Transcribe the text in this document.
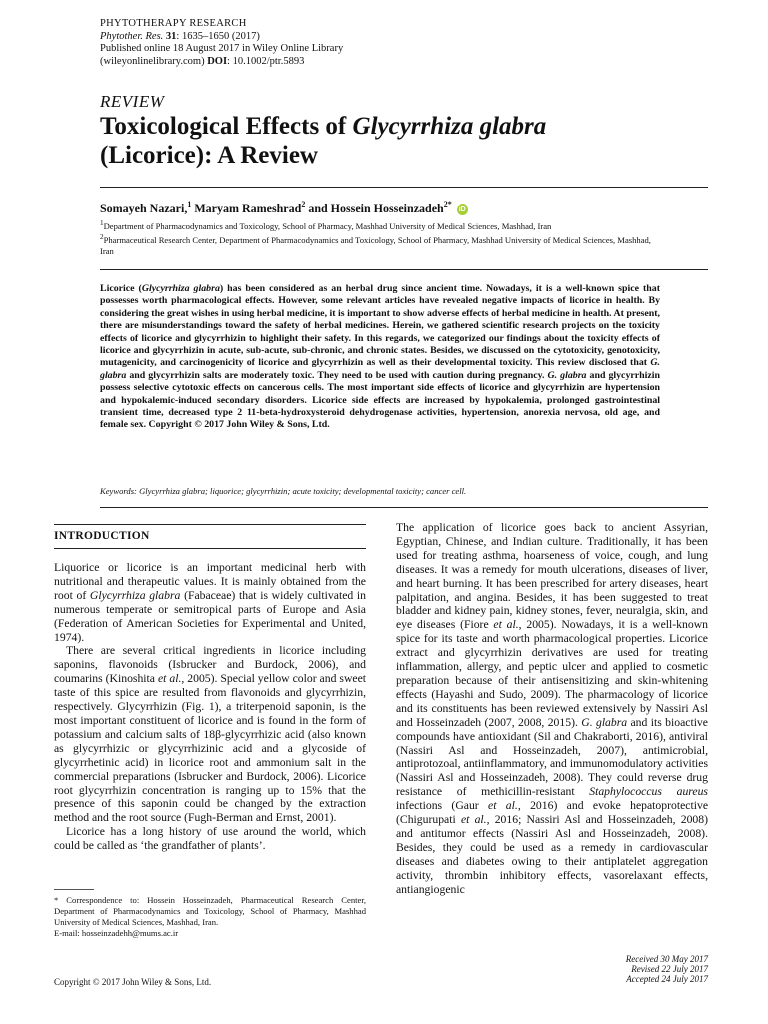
PHYTOTHERAPY RESEARCH
Phytother. Res. 31: 1635–1650 (2017)
Published online 18 August 2017 in Wiley Online Library
(wileyonlinelibrary.com) DOI: 10.1002/ptr.5893
REVIEW
Toxicological Effects of Glycyrrhiza glabra
(Licorice): A Review
Somayeh Nazari,$^1$ Maryam Rameshrad$^2$ and Hossein Hosseinzadeh$^{2*}$ iD
$^1$Department of Pharmacodynamics and Toxicology, School of Pharmacy, Mashhad University of Medical Sciences, Mashhad, Iran
$^2$Pharmaceutical Research Center, Department of Pharmacodynamics and Toxicology, School of Pharmacy, Mashhad University of Medical Sciences, Mashhad, Iran
Licorice (Glycyrrhiza glabra) has been considered as an herbal drug since ancient time. Nowadays, it is a well-known spice that possesses worth pharmacological effects. However, some relevant articles have revealed negative impacts of licorice in health. By considering the great wishes in using herbal medicine, it is important to show adverse effects of herbal medicine in health. At present, there are misunderstandings toward the safety of herbal medicines. Herein, we gathered scientific research projects on the toxicity effects of licorice and glycyrrhizin to highlight their safety. In this regards, we categorized our findings about the toxicity effects of licorice and glycyrrhizin in acute, sub-acute, sub-chronic, and chronic states. Besides, we discussed on the cytotoxicity, genotoxicity, mutagenicity, and carcinogenicity of licorice and glycyrrhizin as well as their developmental toxicity. This review disclosed that G. glabra and glycyrrhizin salts are moderately toxic. They need to be used with caution during pregnancy. G. glabra and glycyrrhizin possess selective cytotoxic effects on cancerous cells. The most important side effects of licorice and glycyrrhizin are hypertension and hypokalemic-induced secondary disorders. Licorice side effects are increased by hypokalemia, prolonged gastrointestinal transient time, decreased type 2 11-beta-hydroxysteroid dehydrogenase activities, hypertension, anorexia nervosa, old age, and female sex. Copyright © 2017 John Wiley & Sons, Ltd.
Keywords: Glycyrrhiza glabra; liquorice; glycyrrhizin; acute toxicity; developmental toxicity; cancer cell.
INTRODUCTION

Liquorice or licorice is an important medicinal herb with nutritional and therapeutic values. It is mainly obtained from the root of Glycyrrhiza glabra (Fabaceae) that is widely cultivated in numerous temperate or semitropical parts of Europe and Asia (Federation of American Societies for Experimental and United, 1974).

There are several critical ingredients in licorice including saponins, flavonoids (Isbrucker and Burdock, 2006), and coumarins (Kinoshita et al., 2005). Special yellow color and sweet taste of this spice are resulted from flavonoids and glycyrrhizin, respectively. Glycyrrhizin (Fig. 1), a triterpenoid saponin, is the most important constituent of licorice and is found in the form of potassium and calcium salts of 18β-glycyrrhizic acid (also known as glycyrrhizic or glycyrrhizinic acid and a glycoside of glycyrrhetinic acid) in licorice root and ammonium salt in the commercial preparations (Isbrucker and Burdock, 2006). Licorice root glycyrrhizin concentration is ranging up to 15% that the presence of this saponin could be changed by the extraction method and the root source (Fugh-Berman and Ernst, 2001).

Licorice has a long history of use around the world, which could be called as ‘the grandfather of plants’.

* Correspondence to: Hossein Hosseinzadeh, Pharmaceutical Research Center, Department of Pharmacodynamics and Toxicology, School of Pharmacy, Mashhad University of Medical Sciences, Mashhad, Iran.
E-mail: hosseinzadehh@mums.ac.ir
The application of licorice goes back to ancient Assyrian, Egyptian, Chinese, and Indian culture. Traditionally, it has been used for treating asthma, hoarseness of voice, cough, and lung diseases. It was a remedy for mouth ulcerations, diseases of liver, and heart burning. It has been prescribed for artery diseases, heart palpitation, and angina. Besides, it has been suggested to treat bladder and kidney pain, kidney stones, fever, neuralgia, skin, and eye diseases (Fiore et al., 2005). Nowadays, it is a well-known spice for its taste and worth pharmacological properties. Licorice extract and glycyrrhizin derivatives are used for treating inflammation, allergy, and peptic ulcer and applied to cosmetic preparation because of their antisensitizing and skin-whitening effects (Hayashi and Sudo, 2009). The pharmacology of licorice and its constituents has been reviewed extensively by Nassiri Asl and Hosseinzadeh (2007, 2008, 2015). G. glabra and its bioactive compounds have antioxidant (Sil and Chakraborti, 2016), antiviral (Nassiri Asl and Hosseinzadeh, 2007), antimicrobial, antiprotozoal, antiinflammatory, and immunomodulatory activities (Nassiri Asl and Hosseinzadeh, 2008). They could reverse drug resistance of methicillin-resistant Staphylococcus aureus infections (Gaur et al., 2016) and evoke hepatoprotective (Chigurupati et al., 2016; Nassiri Asl and Hosseinzadeh, 2008) and antitumor effects (Nassiri Asl and Hosseinzadeh, 2008). Besides, they could be used as a remedy in cardiovascular diseases and diabetes owing to their antiplatelet aggregation activity, thrombin inhibitory effects, vasorelaxant effects, antiangiogenic
Received 30 May 2017
Revised 22 July 2017
Accepted 24 July 2017
Copyright © 2017 John Wiley & Sons, Ltd.
